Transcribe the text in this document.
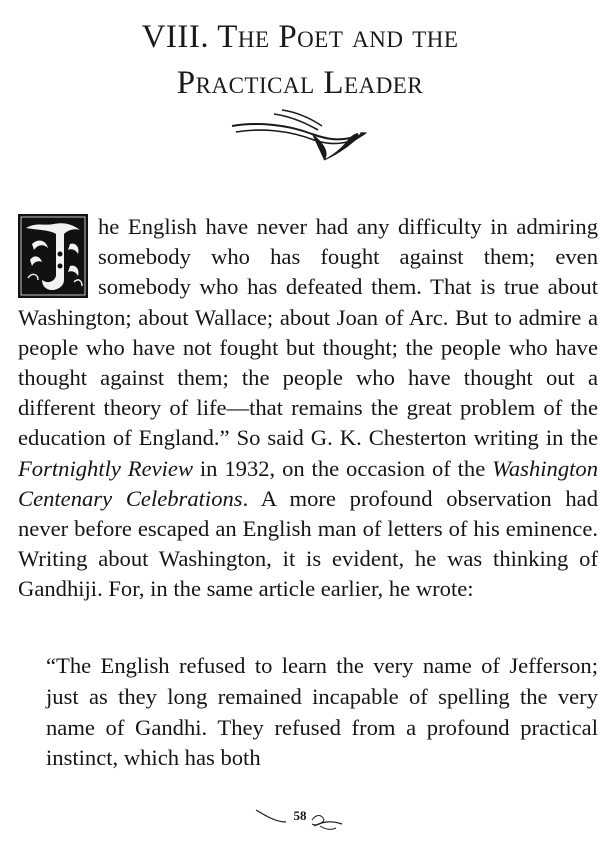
VIII. The Poet and the
Practical Leader
he English have never had any difficulty in admiring somebody who has fought against them; even somebody who has defeated them. That is true about Washington; about Wallace; about Joan of Arc. But to admire a people who have not fought but thought; the people who have thought against them; the people who have thought out a different theory of life—that remains the great problem of the education of England.” So said G. K. Chesterton writing in the Fortnightly Review in 1932, on the occasion of the Washington Centenary Celebrations. A more profound observation had never before escaped an English man of letters of his eminence. Writing about Washington, it is evident, he was thinking of Gandhiji. For, in the same article earlier, he wrote:
“The English refused to learn the very name of Jefferson; just as they long remained incapable of spelling the very name of Gandhi. They refused from a profound practical instinct, which has both
58
